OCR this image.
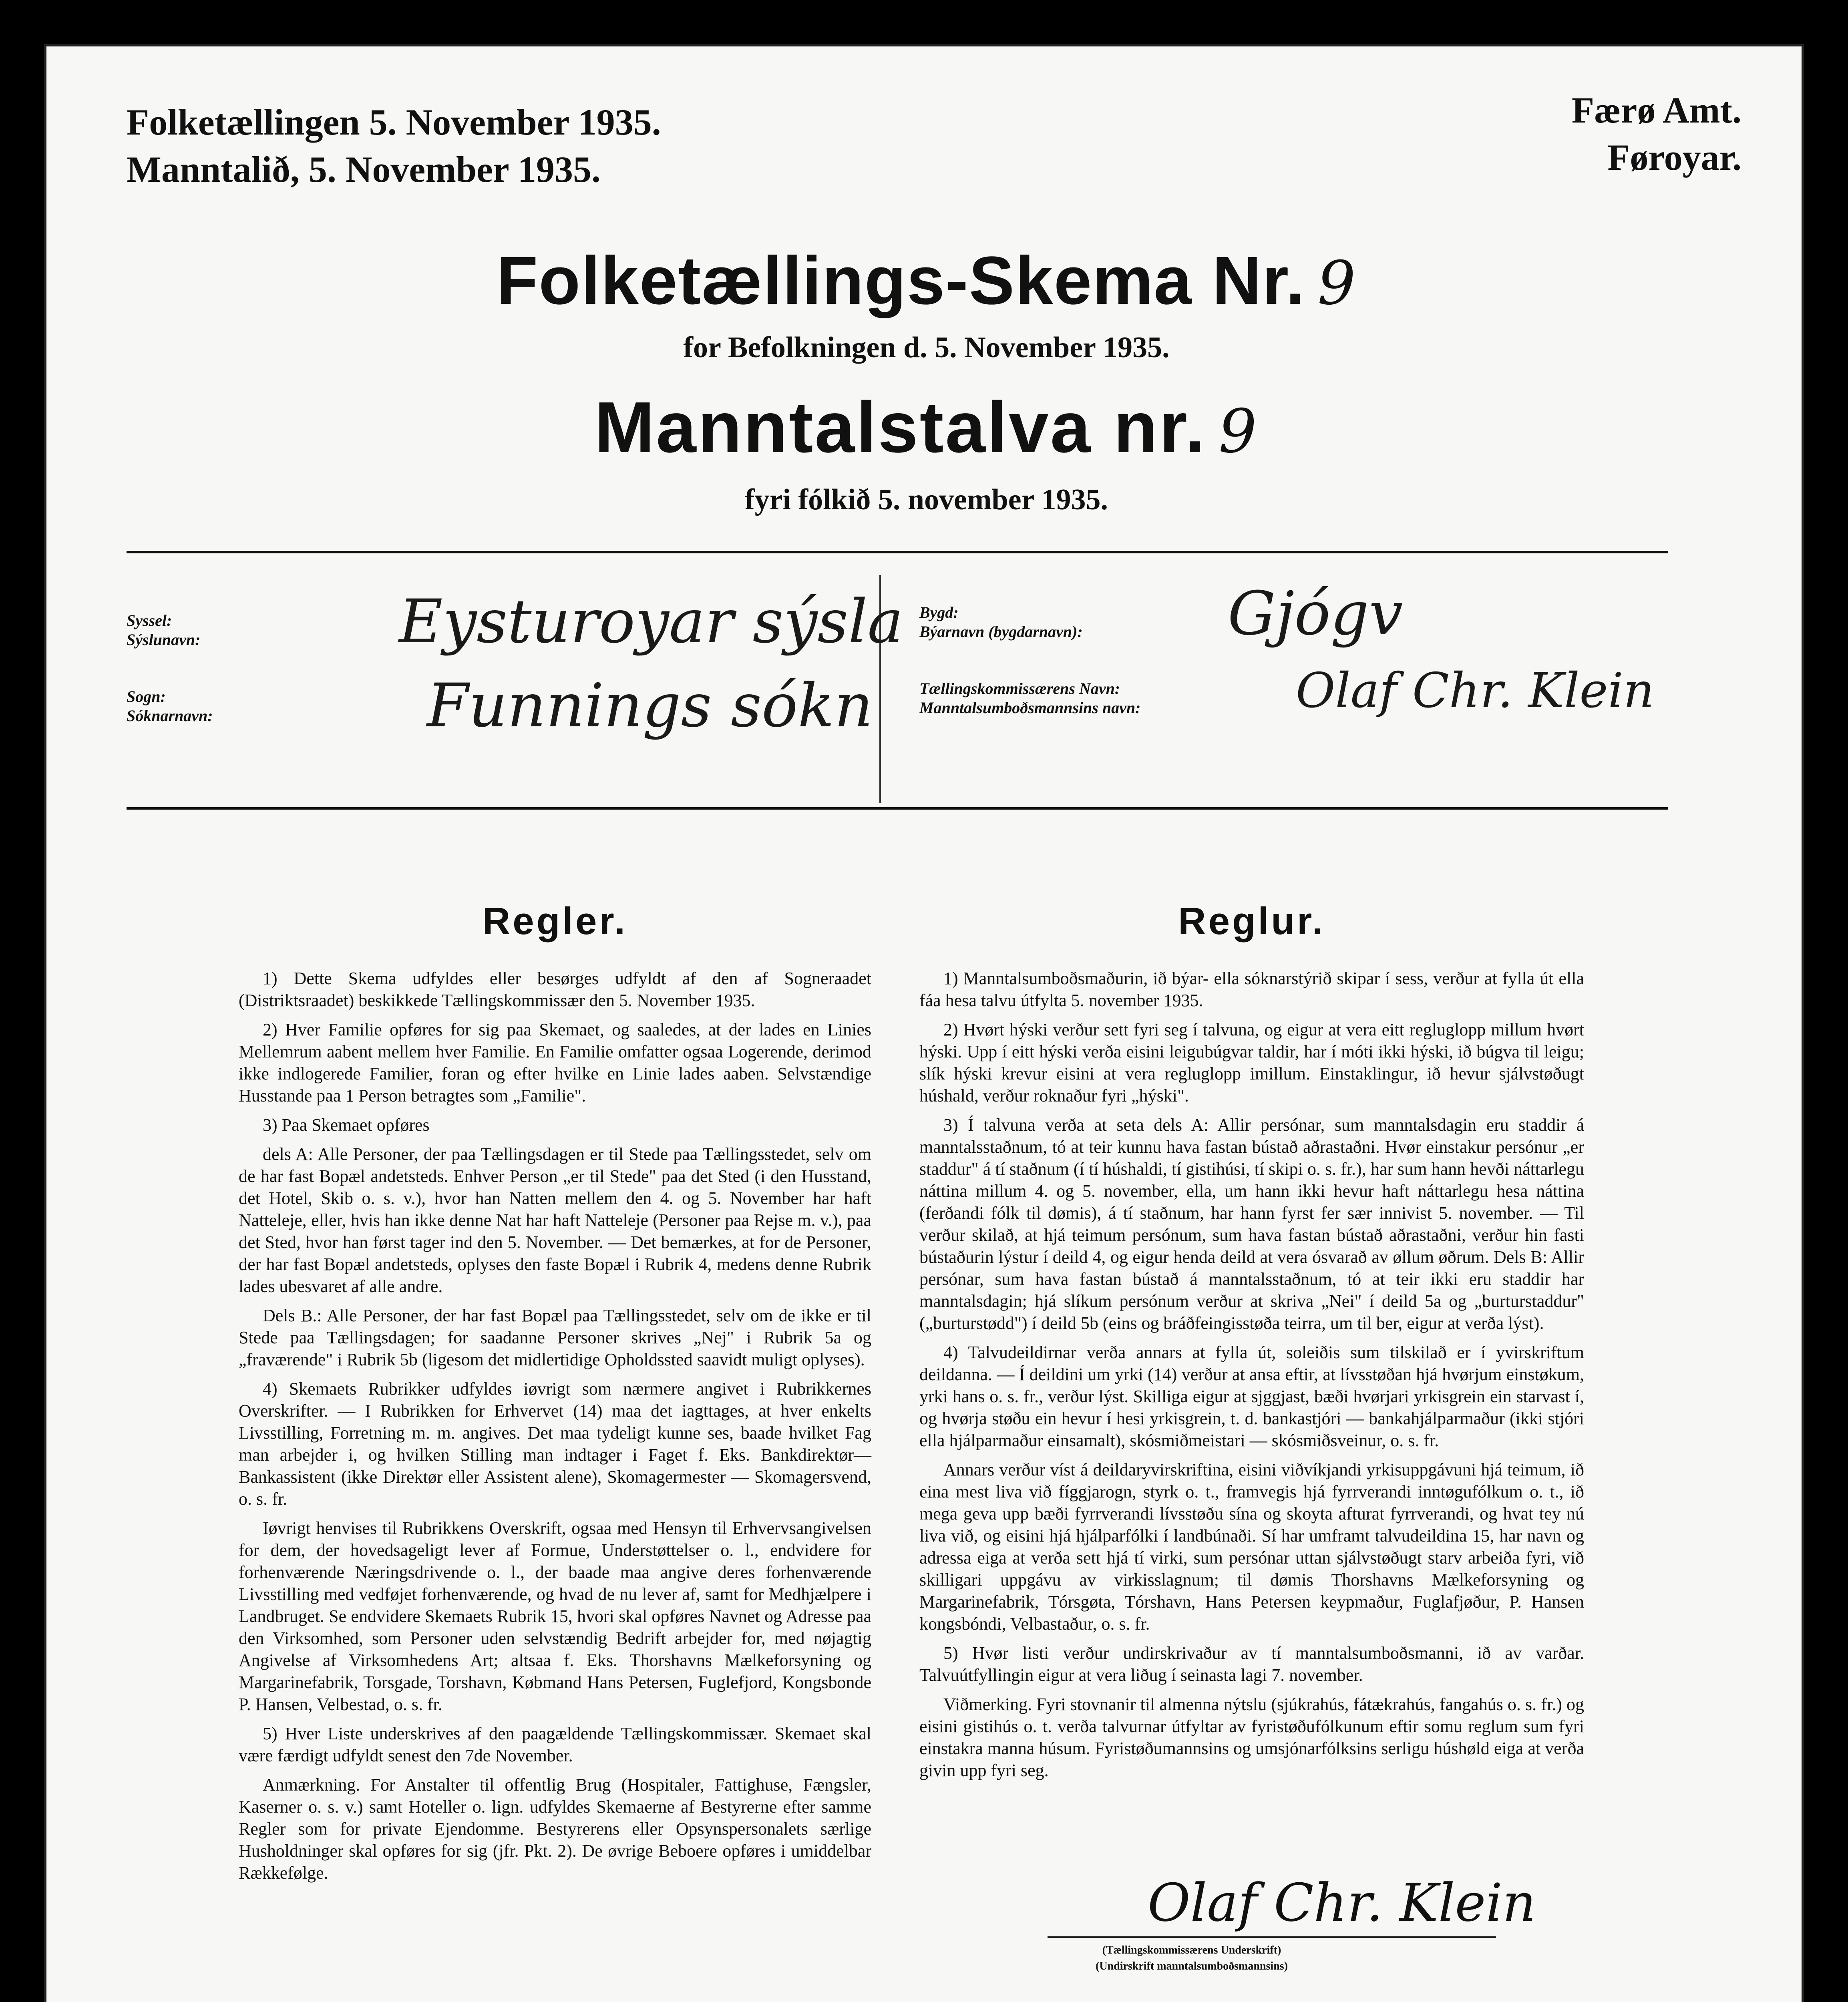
Folketællingen 5. November 1935.
Manntalið, 5. November 1935.
Færø Amt.
Føroyar.
Folketællings-Skema Nr. 9
for Befolkningen d. 5. November 1935.
Manntalstalva nr. 9
fyri fólkið 5. november 1935.
Syssel:
Sýslunavn:	Eysturoyar sýsla
Sogn:
Sóknarnavn:	Funnings sókn
Bygd:
Býarnavn (bygdarnavn): Gjógv
Tællingskommissærens Navn:
Manntalsumboðsmannsins navn:	Olaf Chr. Klein
Regler.

1) Dette Skema udfyldes eller besørges udfyldt af den af Sogneraadet (Distriktsraadet) beskikkede Tællingskommissær den 5. November 1935.

2) Hver Familie opføres for sig paa Skemaet, og saaledes, at der lades en Linies Mellemrum aabent mellem hver Familie. En Familie omfatter ogsaa Logerende, derimod ikke indlogerede Familier, foran og efter hvilke en Linie lades aaben. Selvstændige Husstande paa 1 Person betragtes som „Familie".

3) Paa Skemaet opføres

dels A: Alle Personer, der paa Tællingsdagen er til Stede paa Tællingsstedet, selv om de har fast Bopæl andetsteds. Enhver Person „er til Stede" paa det Sted (i den Husstand, det Hotel, Skib o. s. v.), hvor han Natten mellem den 4. og 5. November har haft Natteleje, eller, hvis han ikke denne Nat har haft Natteleje (Personer paa Rejse m. v.), paa det Sted, hvor han først tager ind den 5. November. — Det bemærkes, at for de Personer, der har fast Bopæl andetsteds, oplyses den faste Bopæl i Rubrik 4, medens denne Rubrik lades ubesvaret af alle andre.

Dels B.: Alle Personer, der har fast Bopæl paa Tællingsstedet, selv om de ikke er til Stede paa Tællingsdagen; for saadanne Personer skrives „Nej" i Rubrik 5a og „fraværende" i Rubrik 5b (ligesom det midlertidige Opholdssted saavidt muligt oplyses).

4) Skemaets Rubrikker udfyldes iøvrigt som nærmere angivet i Rubrikkernes Overskrifter. — I Rubrikken for Erhvervet (14) maa det iagttages, at hver enkelts Livsstilling, Forretning m. m. angives. Det maa tydeligt kunne ses, baade hvilket Fag man arbejder i, og hvilken Stilling man indtager i Faget f. Eks. Bankdirektør—Bankassistent (ikke Direktør eller Assistent alene), Skomagermester — Skomagersvend, o. s. fr.

Iøvrigt henvises til Rubrikkens Overskrift, ogsaa med Hensyn til Erhvervsangivelsen for dem, der hovedsageligt lever af Formue, Understøttelser o. l., endvidere for forhenværende Næringsdrivende o. l., der baade maa angive deres forhenværende Livsstilling med vedføjet forhenværende, og hvad de nu lever af, samt for Medhjælpere i Landbruget. Se endvidere Skemaets Rubrik 15, hvori skal opføres Navnet og Adresse paa den Virksomhed, som Personer uden selvstændig Bedrift arbejder for, med nøjagtig Angivelse af Virksomhedens Art; altsaa f. Eks. Thorshavns Mælkeforsyning og Margarinefabrik, Torsgade, Torshavn, Købmand Hans Petersen, Fuglefjord, Kongsbonde P. Hansen, Velbestad, o. s. fr.

5) Hver Liste underskrives af den paagældende Tællingskommissær. Skemaet skal være færdigt udfyldt senest den 7de November.

Anmærkning. For Anstalter til offentlig Brug (Hospitaler, Fattighuse, Fængsler, Kaserner o. s. v.) samt Hoteller o. lign. udfyldes Skemaerne af Bestyrerne efter samme Regler som for private Ejendomme. Bestyrerens eller Opsynspersonalets særlige Husholdninger skal opføres for sig (jfr. Pkt. 2). De øvrige Beboere opføres i umiddelbar Rækkefølge.

Reglur.

1) Manntalsumboðsmaðurin, ið býar- ella sóknarstýrið skipar í sess, verður at fylla út ella fáa hesa talvu útfylta 5. november 1935.

2) Hvørt hýski verður sett fyri seg í talvuna, og eigur at vera eitt regluglopp millum hvørt hýski. Upp í eitt hýski verða eisini leigubúgvar taldir, har í móti ikki hýski, ið búgva til leigu; slík hýski krevur eisini at vera regluglopp imillum. Einstaklingur, ið hevur sjálvstøðugt húshald, verður roknaður fyri „hýski".

3) Í talvuna verða at seta dels A: Allir persónar, sum manntalsdagin eru staddir á manntalsstaðnum, tó at teir kunnu hava fastan bústað aðrastaðni. Hvør einstakur persónur „er staddur" á tí staðnum (í tí húshaldi, tí gistihúsi, tí skipi o. s. fr.), har sum hann hevði náttarlegu náttina millum 4. og 5. november, ella, um hann ikki hevur haft náttarlegu hesa náttina (ferðandi fólk til dømis), á tí staðnum, har hann fyrst fer sær innivist 5. november. — Til verður skilað, at hjá teimum persónum, sum hava fastan bústað aðrastaðni, verður hin fasti bústaðurin lýstur í deild 4, og eigur henda deild at vera ósvarað av øllum øðrum. Dels B: Allir persónar, sum hava fastan bústað á manntalsstaðnum, tó at teir ikki eru staddir har manntalsdagin; hjá slíkum persónum verður at skriva „Nei" í deild 5a og „burturstaddur" („burturstødd") í deild 5b (eins og bráðfeingisstøða teirra, um til ber, eigur at verða lýst).

4) Talvudeildirnar verða annars at fylla út, soleiðis sum tilskilað er í yvirskriftum deildanna. — Í deildini um yrki (14) verður at ansa eftir, at lívsstøðan hjá hvørjum einstøkum, yrki hans o. s. fr., verður lýst. Skilliga eigur at sjggjast, bæði hvørjari yrkisgrein ein starvast í, og hvørja støðu ein hevur í hesi yrkisgrein, t. d. bankastjóri — bankahjálparmaður (ikki stjóri ella hjálparmaður einsamalt), skósmiðmeistari — skósmiðsveinur, o. s. fr.

Annars verður víst á deildaryvirskriftina, eisini viðvíkjandi yrkisuppgávuni hjá teimum, ið eina mest liva við fíggjarogn, styrk o. t., framvegis hjá fyrrverandi inntøgufólkum o. t., ið mega geva upp bæði fyrrverandi lívsstøðu sína og skoyta afturat fyrrverandi, og hvat tey nú liva við, og eisini hjá hjálparfólki í landbúnaði. Sí har umframt talvudeildina 15, har navn og adressa eiga at verða sett hjá tí virki, sum persónar uttan sjálvstøðugt starv arbeiða fyri, við skilligari uppgávu av virkisslagnum; til dømis Thorshavns Mælkeforsyning og Margarinefabrik, Tórsgøta, Tórshavn, Hans Petersen keypmaður, Fuglafjøður, P. Hansen kongsbóndi, Velbastaður, o. s. fr.

5) Hvør listi verður undirskrivaður av tí manntalsumboðsmanni, ið av varðar. Talvuútfyllingin eigur at vera liðug í seinasta lagi 7. november.

Viðmerking. Fyri stovnanir til almenna nýtslu (sjúkrahús, fátækrahús, fangahús o. s. fr.) og eisini gistihús o. t. verða talvurnar útfyltar av fyristøðufólkunum eftir somu reglum sum fyri einstakra manna húsum. Fyristøðumannsins og umsjónarfólksins serligu húshøld eiga at verða givin upp fyri seg.

Olaf Chr. Klein
(Tællingskommissærens Underskrift)
(Undirskrift manntalsumboðsmannsins)
